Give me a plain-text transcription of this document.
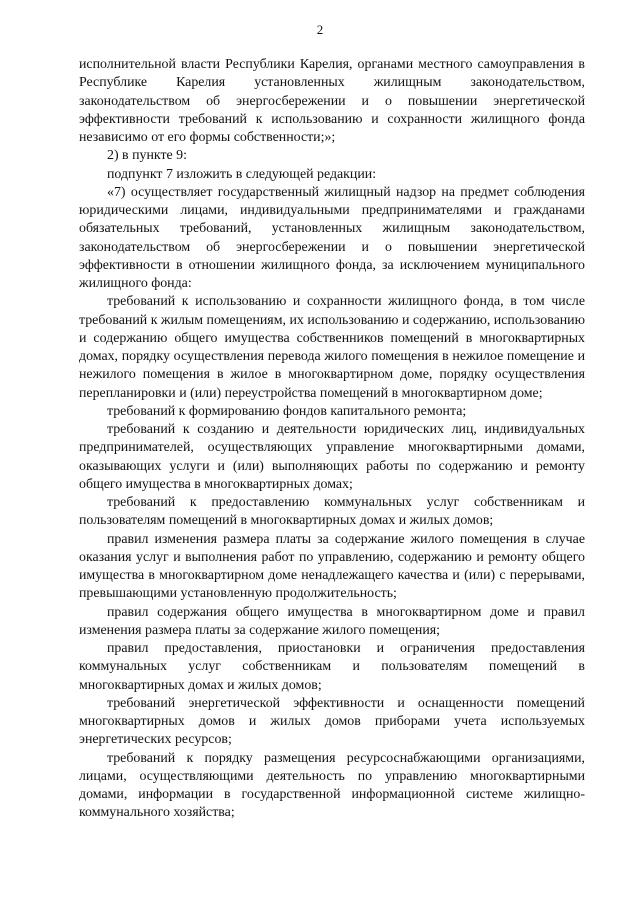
2

исполнительной власти Республики Карелия, органами местного самоуправления в Республике Карелия установленных жилищным законодательством, законодательством об энергосбережении и о повышении энергетической эффективности требований к использованию и сохранности жилищного фонда независимо от его формы собственности;»;

2) в пункте 9:

подпункт 7 изложить в следующей редакции:

«7) осуществляет государственный жилищный надзор на предмет соблюдения юридическими лицами, индивидуальными предпринимателями и гражданами обязательных требований, установленных жилищным законодательством, законодательством об энергосбережении и о повышении энергетической эффективности в отношении жилищного фонда, за исключением муниципального жилищного фонда:

требований к использованию и сохранности жилищного фонда, в том числе требований к жилым помещениям, их использованию и содержанию, использованию и содержанию общего имущества собственников помещений в многоквартирных домах, порядку осуществления перевода жилого помещения в нежилое помещение и нежилого помещения в жилое в многоквартирном доме, порядку осуществления перепланировки и (или) переустройства помещений в многоквартирном доме;

требований к формированию фондов капитального ремонта;

требований к созданию и деятельности юридических лиц, индивидуальных предпринимателей, осуществляющих управление многоквартирными домами, оказывающих услуги и (или) выполняющих работы по содержанию и ремонту общего имущества в многоквартирных домах;

требований к предоставлению коммунальных услуг собственникам и пользователям помещений в многоквартирных домах и жилых домов;

правил изменения размера платы за содержание жилого помещения в случае оказания услуг и выполнения работ по управлению, содержанию и ремонту общего имущества в многоквартирном доме ненадлежащего качества и (или) с перерывами, превышающими установленную продолжительность;

правил содержания общего имущества в многоквартирном доме и правил изменения размера платы за содержание жилого помещения;

правил предоставления, приостановки и ограничения предоставления коммунальных услуг собственникам и пользователям помещений в многоквартирных домах и жилых домов;

требований энергетической эффективности и оснащенности помещений многоквартирных домов и жилых домов приборами учета используемых энергетических ресурсов;

требований к порядку размещения ресурсоснабжающими организациями, лицами, осуществляющими деятельность по управлению многоквартирными домами, информации в государственной информационной системе жилищно-коммунального хозяйства;
